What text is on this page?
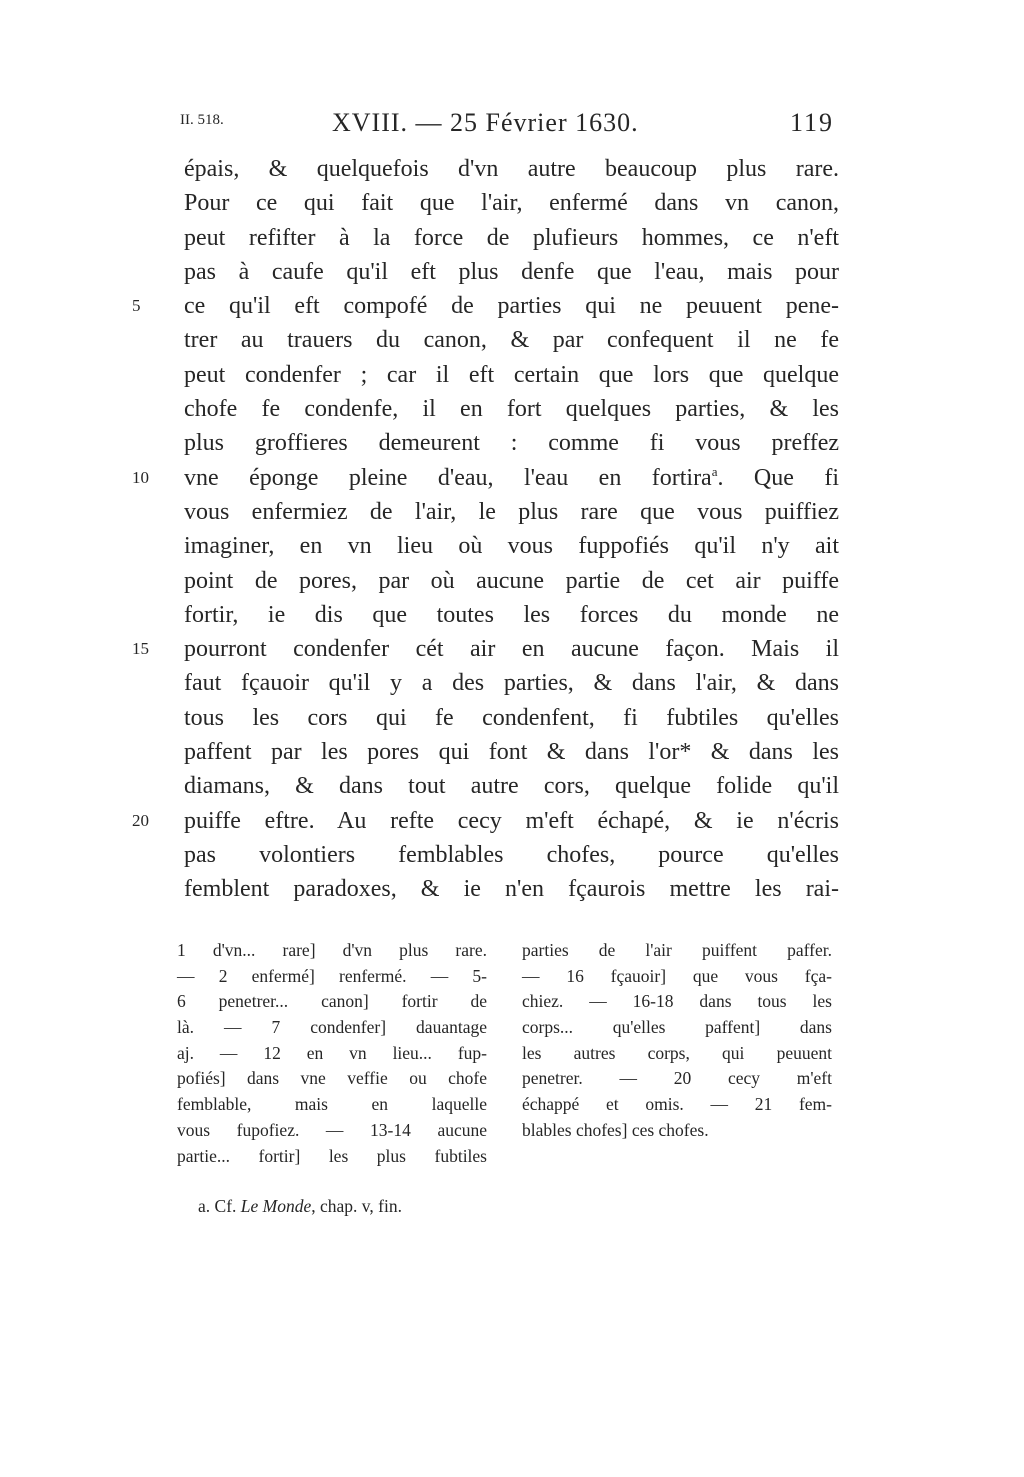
II. 518.	XVIII. — 25 Février 1630.	119
épais, & quelquefois d'vn autre beaucoup plus rare.
Pour ce qui fait que l'air, enfermé dans vn canon,
peut refifter à la force de plufieurs hommes, ce n'eft
pas à caufe qu'il eft plus denfe que l'eau, mais pour
5	ce qu'il eft compofé de parties qui ne peuuent pene-
trer au trauers du canon, & par confequent il ne fe
peut condenfer ; car il eft certain que lors que quelque
chofe fe condenfe, il en fort quelques parties, & les
plus groffieres demeurent : comme fi vous preffez
10	vne éponge pleine d'eau, l'eau en fortira$^a$. Que fi
vous enfermiez de l'air, le plus rare que vous puiffiez
imaginer, en vn lieu où vous fuppofiés qu'il n'y ait
point de pores, par où aucune partie de cet air puiffe
fortir, ie dis que toutes les forces du monde ne
15	pourront condenfer cét air en aucune façon. Mais il
faut fçauoir qu'il y a des parties, & dans l'air, & dans
tous les cors qui fe condenfent, fi fubtiles qu'elles
paffent par les pores qui font & dans l'or* & dans les
diamans, & dans tout autre cors, quelque folide qu'il
20	puiffe eftre. Au refte cecy m'eft échapé, & ie n'écris
pas volontiers femblables chofes, pource qu'elles
femblent paradoxes, & ie n'en fçaurois mettre les rai-
1 d'vn... rare] d'vn plus rare.
— 2 enfermé] renfermé. — 5-
6 penetrer... canon] fortir de
là. — 7 condenfer] dauantage
aj. — 12 en vn lieu... fup-
pofiés] dans vne veffie ou chofe
femblable, mais en laquelle
vous fupofiez. — 13-14 aucune
partie... fortir] les plus fubtiles
parties de l'air puiffent paffer.
— 16 fçauoir] que vous fça-
chiez. — 16-18 dans tous les
corps... qu'elles paffent] dans
les autres corps, qui peuuent
penetrer. — 20 cecy m'eft
échappé et omis. — 21 fem-
blables chofes] ces chofes.
a. Cf. Le Monde, chap. v, fin.
